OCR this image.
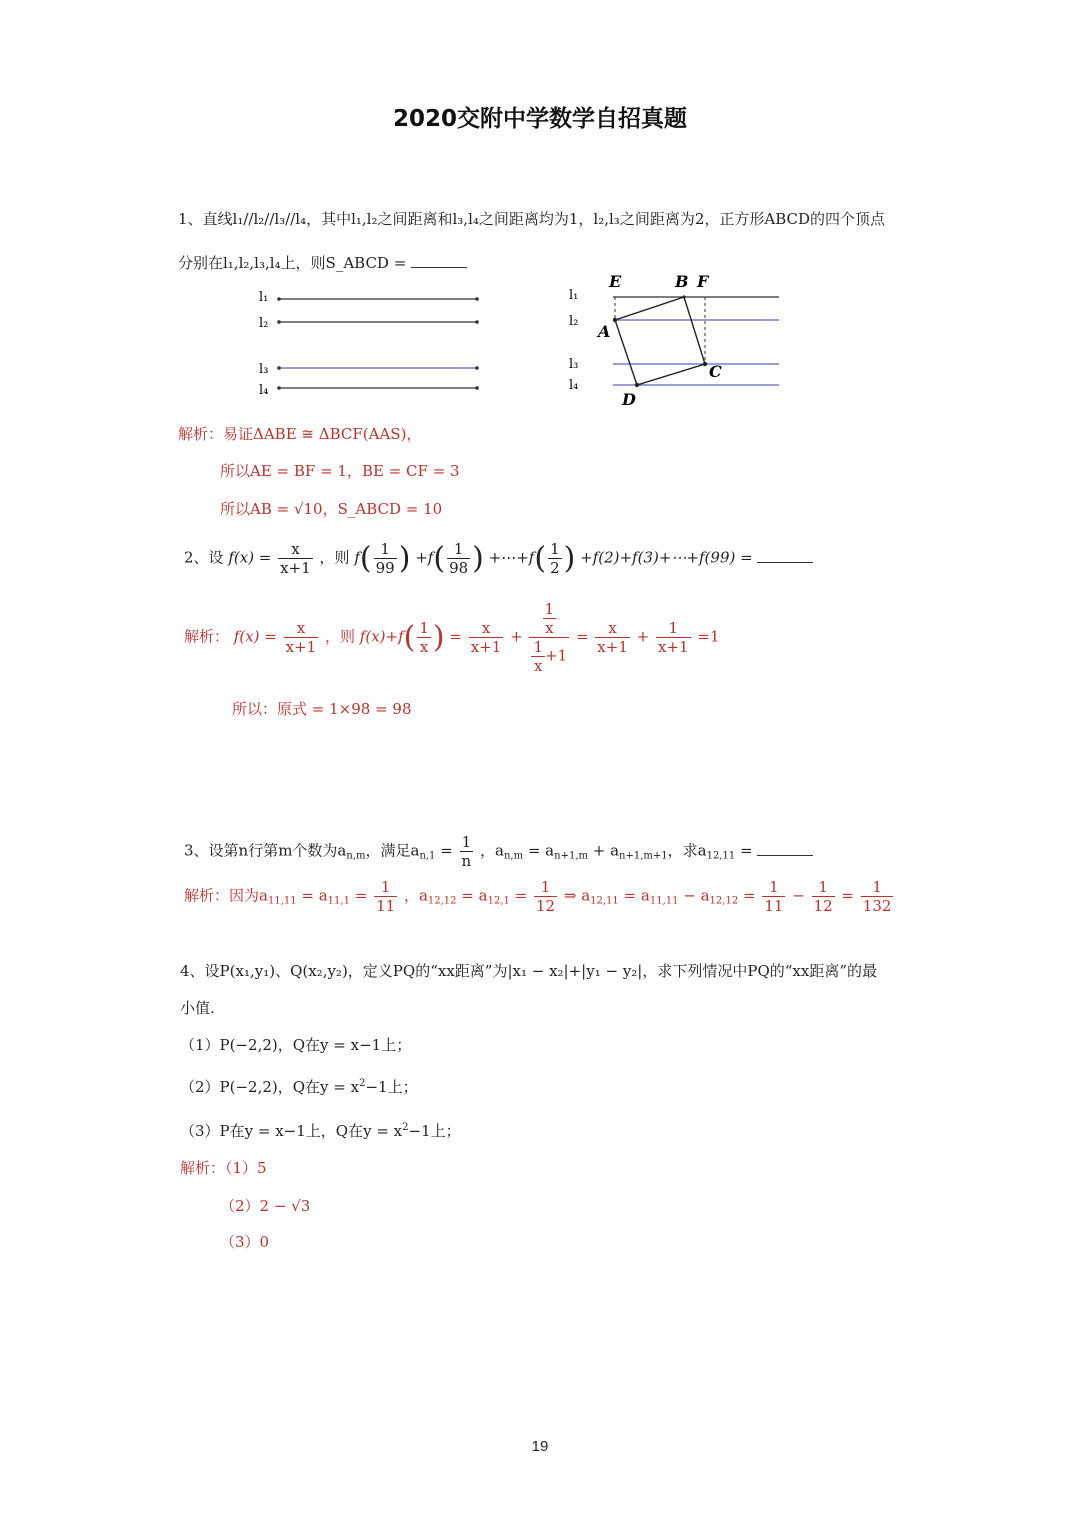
2020交附中学数学自招真题
1、直线l₁//l₂//l₃//l₄，其中l₁,l₂之间距离和l₃,l₄之间距离均为1，l₂,l₃之间距离为2，正方形ABCD的四个顶点
分别在l₁,l₂,l₃,l₄上，则S_ABCD =
l₁
l₂
l₃
l₄
l₁
l₂
l₃
l₄
E	B F
A
C
D
解析：易证ΔABE ≅ ΔBCF(AAS)，
所以AE = BF = 1，BE = CF = 3
所以AB = √10，S_ABCD = 10
2、设 $f(x) = \frac{x}{x+1}$ ，则 $f( \frac{1}{99}$ ) $+f( \frac{1}{98}$ ) +⋯+f( $\frac{1}{2}$ ) +f(2)+f(3)+⋯+f(99) =
解析： $f(x) = \frac{x}{x+1}$ ，则 $f(x)+f( \frac{1}{x}$ ) = $\frac{x}{x+1} + \frac{\frac{1}{x}}{\frac{1}{x} +1} = \frac{x}{x+1} + \frac{1}{x+1} =1$
所以：原式 = 1×98 = 98
3、设第n行第m个数为$a_{n,m}$，满足$a_{n,1} = \frac{1}{n}$ ，$a_{n,m} = a_{n+1,m} + a_{n+1,m+1}$，求$a_{12,11}$ =
解析：因为$a_{11,11} = a_{11,1} = \frac{1}{11}$ ，$a_{12,12} = a_{12,1} = \frac{1}{12}$ ⇒ $a_{12,11} = a_{11,11} - a_{12,12} = \frac{1}{11} - \frac{1}{12} = \frac{1}{132}$
4、设P(x₁,y₁)、Q(x₂,y₂)，定义PQ的“xx距离”为|x₁ − x₂|+|y₁ − y₂|，求下列情况中PQ的“xx距离”的最
小值.
（1）P(−2,2)，Q在y = x−1上；
（2）P(−2,2)，Q在$y = x^2-1$上；
（3）P在y = x−1上，Q在$y = x^2-1$上；
解析：（1）5
（2）2 − √3
（3）0
19
